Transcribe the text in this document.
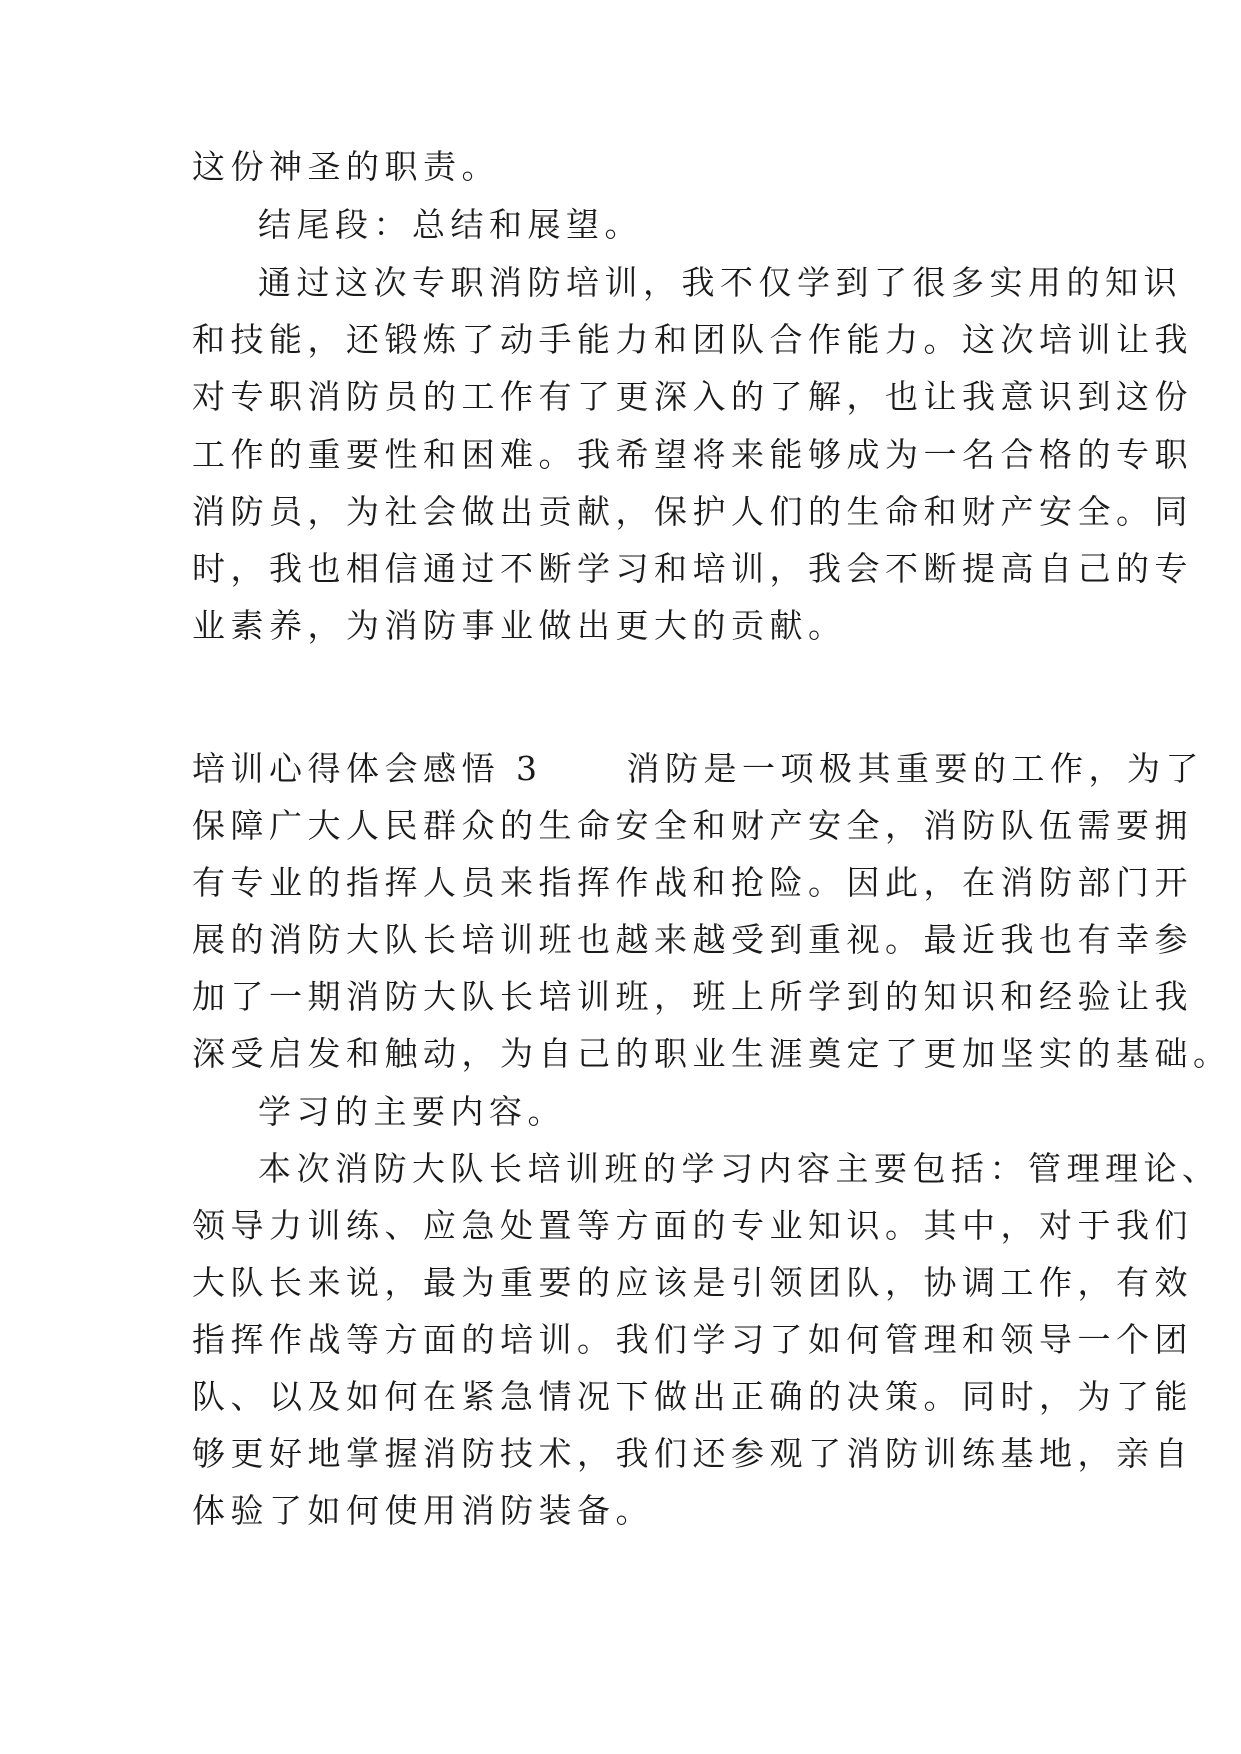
这份神圣的职责。
结尾段：总结和展望。
通过这次专职消防培训，我不仅学到了很多实用的知识
和技能，还锻炼了动手能力和团队合作能力。这次培训让我
对专职消防员的工作有了更深入的了解，也让我意识到这份
工作的重要性和困难。我希望将来能够成为一名合格的专职
消防员，为社会做出贡献，保护人们的生命和财产安全。同
时，我也相信通过不断学习和培训，我会不断提高自己的专
业素养，为消防事业做出更大的贡献。
培训心得体会感悟 3	消防是一项极其重要的工作，为了
保障广大人民群众的生命安全和财产安全，消防队伍需要拥
有专业的指挥人员来指挥作战和抢险。因此，在消防部门开
展的消防大队长培训班也越来越受到重视。最近我也有幸参
加了一期消防大队长培训班，班上所学到的知识和经验让我
深受启发和触动，为自己的职业生涯奠定了更加坚实的基础。
学习的主要内容。
本次消防大队长培训班的学习内容主要包括：管理理论、
领导力训练、应急处置等方面的专业知识。其中，对于我们
大队长来说，最为重要的应该是引领团队，协调工作，有效
指挥作战等方面的培训。我们学习了如何管理和领导一个团
队、以及如何在紧急情况下做出正确的决策。同时，为了能
够更好地掌握消防技术，我们还参观了消防训练基地，亲自
体验了如何使用消防装备。
